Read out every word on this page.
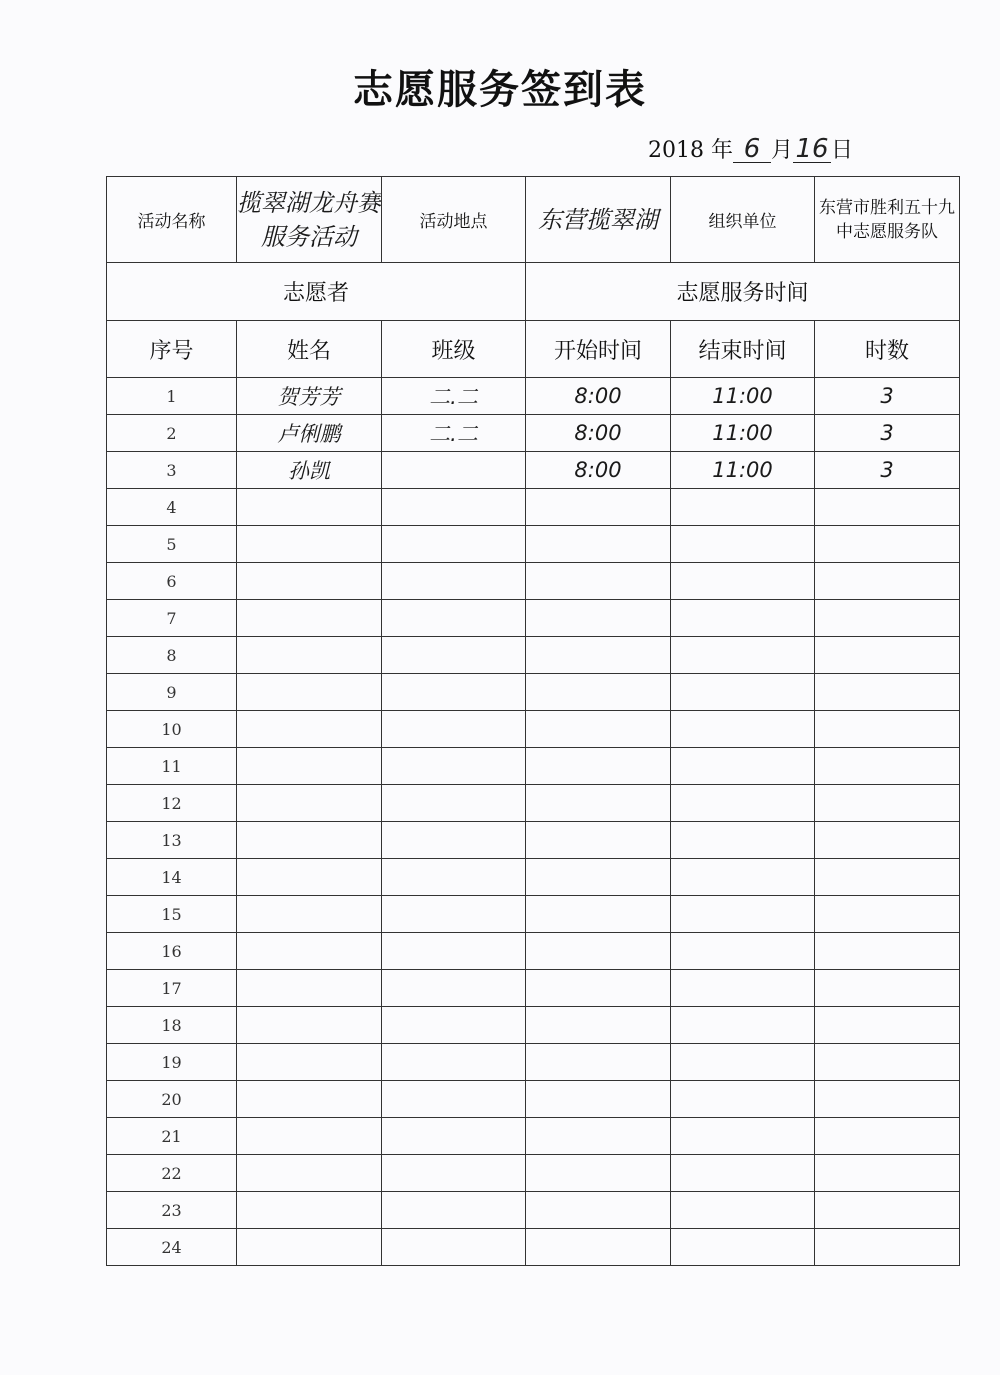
志愿服务签到表
2018 年 6 月16 日
活动名称	揽翠湖龙舟赛服务活动	活动地点	东营揽翠湖	组织单位	东营市胜利五十九中志愿服务队

志愿者			志愿服务时间		
序号	姓名	班级	开始时间	结束时间	时数
1	贺芳芳	二.二	8:00	11:00	3
2	卢俐鹏	二.二	8:00	11:00	3
3	孙凯		8:00	11:00	3
4					
5					
6					
7					
8					
9					
10					
11					
12					
13					
14					
15					
16					
17					
18					
19					
20					
21					
22					
23					
24					
